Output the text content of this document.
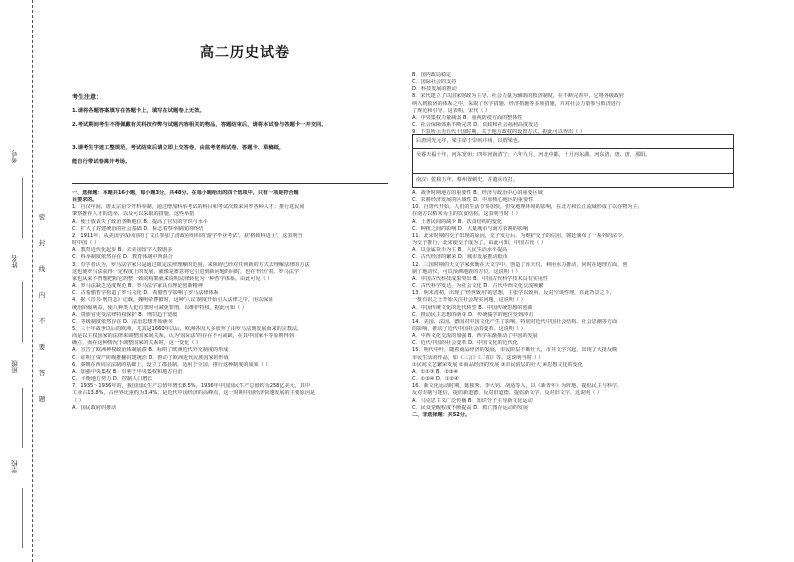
考号
姓名
班级
学校
密
封
线
内
不
要
答
题
高二历史试卷
考生注意：
1.请将各题答案填写在答题卡上，填写在试题卷上无效。
2.考试期间考生不得佩戴有关科技作弊与试题内容相关的物品，答题结束后，请将本试卷与答题卡一并交回。
3.请考生字迹工整规范，考试结束后请立即上交答卷，由监考老师试卷、答题卡、草稿纸，
能自行带试卷离开考场。

一、选择题：本题共16小题，每小题3分，共48分。在每小题给出的四个选项中，只有一项是符合题

目要求的。

1．自汉年间，唐太宗诏令开科举制，通过增加科举考试的科目和考试次数来同罗各种人才；推行选民间

肇察推荐人才的选举，以及可以采取的措施。这些举措

A．使士族丧失了政治垄断地位 B．提高了官员的学识与水平

C．扩大了封建统治的社会基础 D．标志着察举制度的终结

2．1911年，从美国学成回国的丁文江参加了清政府组织的'游学毕业考试'，获'格致科进士'，这表明当

时中国（ ）

A．教育近代化起步 B．去美国留学人数剧多

C．科举制度依然存在 D．教育体制中西混合

3．有学者认为，罗马法学家只是通过限定法律理解的范围，来阻碍已经对任何新的方式去理解法律的方法

这也使罗马法获得一定程度上的发展，就像是蓄意将它引进到新问题的同时，也在'经历'着。罗马法学

家也从来不曾想把握它的整一致的构架就来说明法律转化为一种哲学体系。由此可见（ ）

A．罗马法缺乏适度规范 B．罗马法学家具有理论创新精神

C．古希腊哲学构造了罗马文化 D．希腊哲学影响了罗马法律体系

4．据《晋书·刑罚志》记载，魏明帝曹叡时，这种'八议'制度开始引入法律之中，用以保证

统治阶级利益，使八种类人犯有罪时可减免罪刑，以维护特权。据此可知（ ）

A．贵族官吏受法律特权保护 B．刑罚趋于宽缓

C．等级制度依然存在 D．法治思想开始萌芽

5．三十年战争以后的欧洲，尤其是1660年以后，欧洲各国大多放弃了由罗马法典发展而来的宗教法，

而是以主权国家的法律来调整国家间关系，认为'国际法'的存在不可或缺，在其中国家平等原则得到

确立，而在这种情况下调整国家的关系时，这一变化（ ）

A．宣告了欧洲神权政治体制崩溃 B．标明了欧洲近代外交制度的形成

C．证明了资产阶级推翻封建统治 D．推动了欧洲近代民族国家的形成

6．秦朝在西周宗法制的基础上，设立了郡县制，适用于全国，推行这种制度的成果（ ）

A．加强中央集权 B．有利于中央集权和地方自治

C．平衡地方势力 D．控制人口增长

7．1935～1936年的，我国国民生产总值年增长8.5%，1936年中国国民生产总值约为258亿美元，其中

工业占13.8%，占世界比重约为3.4%，是近代中国经济的高峰点，这一时期中国经济快速发展的主要原因是

（ ）

A．国民政府的推动

B．国内政局稳定

C．国际社会的支持

D．科技发展的推动

8．宋代建立了以国家财政为主导、社会力量为辅助的救济制度，在不断完善中，它将各级政府

纳入到救济的体系之中，采取了医学措施、经济措施等多项措施，并对社会力量参与救济进行

了规范和引导。这表明，宋代（ ）

A．中央集权力量减弱 B．重视防疫方面的整体性

C．社会保障体系不断完善 D．荒政和社会福利高度发达

9．下表所示为五代十国时期，关于地方政权的设置方式，据此可以得出（ ）

后唐同光元年，梁主命于崇州汴州，以谓梁也。

吴睿天福十年，河东宽州；四年河南清宁；六年九月，河北中都，十月河东湖、河东清，唐、唐，那阳。

南汉：乾和五年，蔡州置刺史，并遣兵攻打。

A．战争时期地方的重要性 B．经济与政治中心的重要区域

C．农耕经济发展的区域性 D．中原核心地区的重要性

10．自唐代开始，人们的生活节奏加快，但受地理环境的影响，在北方和长江流域形成了以谷物为主、

在南方以稻米为主的饮食结构。这表明当时（ ）

A．土著民间的减少 B．饮食结构的变化

C．种植之间的影响 D．大量城市与南方农耕的影响

11．北宋时期的交子出现的原因，交子发行后，为维护交子的信用，朝廷颁布了一系列的法令，

为交子推行，北宋使交子成为了。由此可知，中国古代（ ）

A．以金属货币为主 B．人民生活水平提高

C．古代经济的繁荣 D．城市发展推动纸币

12．三国时期的天文学家张衡在天文学中，创造了浑天仪，利用水力推动，同时在地理方面，创

制了地动仪，可以预测地震的方位。这说明（ ）

A．中国古代科技成果突出 B．中国古代科学技术具有实用性

C．古代科学发达，为社会文化 D．古代中西文化交流频繁

13．明末清初，出现了'经世致用'的思想，主张学以致用，反对空谈性理，在此背景之下，

一批有识之士开始关注社会现实问题。这说明（ ）

A．中国传统文化的近代转型 B．中国传统思想的创新

C．推动民主思想的萌芽 D．传统儒学的地位受到冲击

14．美国、法国、德国对中国文化产生了影响，特别对近代中国社会结构、社会思潮等方面

的影响，推动了近代中国社会的变革。这说明（ ）

A．中西文化交流的加强 B．西学东渐推动了中国的发展

C．近代中国的社会变革 D．中国文化的近代化

15．明代中叶，随着商品经济的发展，市民阶层不断壮大，市井文学兴起，出现了大批反映

市民生活的作品，如《三言》《二拍》等。这说明当时（ ）

①民间文艺繁荣发展 ②商品经济的发展 ③市民阶层的壮大 ④思想文化的变化

A．①②③ B．②③④

C．①③④ D．①②④

16．新文化运动时期，陈独秀、李大钊、胡适等人，以《新青年》为阵地，提倡民主与科学，

反对专制与迷信，提倡新道德，反对旧道德，提倡新文学，反对旧文学。这说明（ ）

A．马克思主义广泛传播 B．知识分子主导新文化运动

C．民众觉醒程度不断提高 D．救亡图存运动的发展

二、非选择题：共52分。
